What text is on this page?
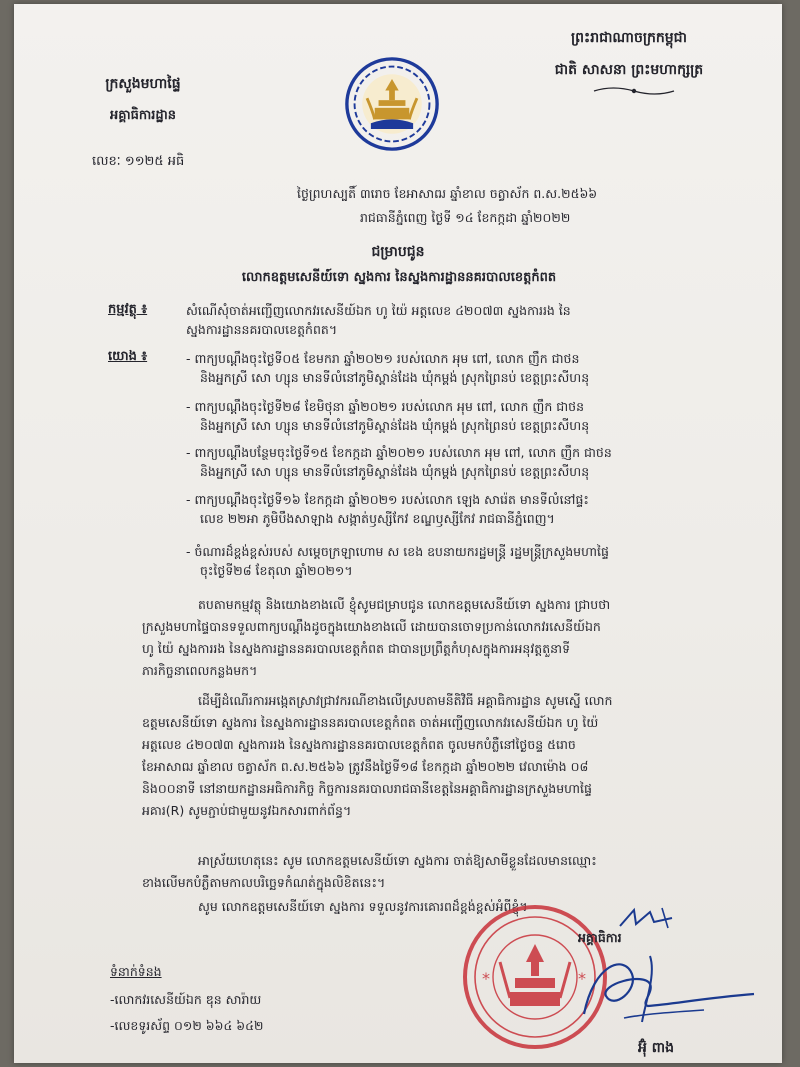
ព្រះរាជាណាចក្រកម្ពុជា
ជាតិ សាសនា ព្រះមហាក្សត្រ
ក្រសួងមហាផ្ទៃ
អគ្គាធិការដ្ឋាន
លេខៈ ១១២៥ អធិ
ថ្ងៃព្រហស្បតិ៍ ៣រោច ខែអាសាឍ ឆ្នាំខាល ចត្វាស័ក ព.ស.២៥៦៦
រាជធានីភ្នំពេញ ថ្ងៃទី ១៤ ខែកក្កដា ឆ្នាំ២០២២
ជម្រាបជូន
លោកឧត្តមសេនីយ៍ទោ ស្នងការ នៃស្នងការដ្ឋាននគរបាលខេត្តកំពត
កម្មវត្ថុ ៖	សំណើសុំចាត់អញ្ជើញលោកវរសេនីយ៍ឯក ហូ យ៉ៃ អត្តលេខ ៤២០៧៣ ស្នងការរង នៃ
ស្នងការដ្ឋាននគរបាលខេត្តកំពត។
យោង ៖	- ពាក្យបណ្តឹងចុះថ្ងៃទី០៥ ខែមករា ឆ្នាំ២០២១ របស់លោក អុម ពៅ, លោក ញឹក ជាថន
និងអ្នកស្រី សោ ហ្សុន មានទីលំនៅភូមិស្ពាន់ដែង ឃុំកម្ពង់ ស្រុកព្រៃនប់ ខេត្តព្រះសីហនុ
- ពាក្យបណ្តឹងចុះថ្ងៃទី២៨ ខែមិថុនា ឆ្នាំ២០២១ របស់លោក អុម ពៅ, លោក ញឹក ជាថន
និងអ្នកស្រី សោ ហ្សុន មានទីលំនៅភូមិស្ពាន់ដែង ឃុំកម្ពង់ ស្រុកព្រៃនប់ ខេត្តព្រះសីហនុ
- ពាក្យបណ្តឹងបន្ថែមចុះថ្ងៃទី១៥ ខែកក្កដា ឆ្នាំ២០២១ របស់លោក អុម ពៅ, លោក ញឹក ជាថន
និងអ្នកស្រី សោ ហ្សុន មានទីលំនៅភូមិស្ពាន់ដែង ឃុំកម្ពង់ ស្រុកព្រៃនប់ ខេត្តព្រះសីហនុ
- ពាក្យបណ្តឹងចុះថ្ងៃទី១៦ ខែកក្កដា ឆ្នាំ២០២១ របស់លោក ឡេង សារ៉េត មានទីលំនៅផ្ទះ
លេខ ២២អា ភូមិបឹងសាឡាង សង្កាត់ឫស្សីកែវ ខណ្ឌឫស្សីកែវ រាជធានីភ្នំពេញ។
- ចំណារដ៏ខ្ពង់ខ្ពស់របស់ សម្តេចក្រឡាហោម ស ខេង ឧបនាយករដ្ឋមន្ត្រី រដ្ឋមន្ត្រីក្រសួងមហាផ្ទៃ
ចុះថ្ងៃទី២៨ ខែតុលា ឆ្នាំ២០២១។

តបតាមកម្មវត្ថុ និងយោងខាងលើ ខ្ញុំសូមជម្រាបជូន លោកឧត្តមសេនីយ៍ទោ ស្នងការ ជ្រាបថា

ក្រសួងមហាផ្ទៃបានទទួលពាក្យបណ្តឹងដូចក្នុងយោងខាងលើ ដោយបានចោទប្រកាន់លោកវរសេនីយ៍ឯក

ហូ យ៉ៃ ស្នងការរង នៃស្នងការដ្ឋាននគរបាលខេត្តកំពត ជាបានប្រព្រឹត្តកំហុសក្នុងការអនុវត្តតួនាទី

ភារកិច្ចនាពេលកន្លងមក។

ដើម្បីដំណើរការអង្កេតស្រាវជ្រាវករណីខាងលើស្របតាមនីតិវិធី អគ្គាធិការដ្ឋាន សូមស្នើ លោក

ឧត្តមសេនីយ៍ទោ ស្នងការ នៃស្នងការដ្ឋាននគរបាលខេត្តកំពត ចាត់អញ្ជើញលោកវរសេនីយ៍ឯក ហូ យ៉ៃ

អត្តលេខ ៤២០៧៣ ស្នងការរង នៃស្នងការដ្ឋាននគរបាលខេត្តកំពត ចូលមកបំភ្លឺនៅថ្ងៃចន្ទ ៥រោច

ខែអាសាឍ ឆ្នាំខាល ចត្វាស័ក ព.ស.២៥៦៦ ត្រូវនឹងថ្ងៃទី១៨ ខែកក្កដា ឆ្នាំ២០២២ វេលាម៉ោង ០៨

និង០០នាទី នៅនាយកដ្ឋានអធិការកិច្ច កិច្ចការនគរបាលរាជធានីខេត្តនៃអគ្គាធិការដ្ឋានក្រសួងមហាផ្ទៃ

អគារ(R) សូមភ្ជាប់ជាមួយនូវឯកសារពាក់ព័ន្ធ។

អាស្រ័យហេតុនេះ សូម លោកឧត្តមសេនីយ៍ទោ ស្នងការ ចាត់ឱ្យសាមីខ្លួនដែលមានឈ្មោះ

ខាងលើមកបំភ្លឺតាមកាលបរិច្ឆេទកំណត់ក្នុងលិខិតនេះ។

សូម លោកឧត្តមសេនីយ៍ទោ ស្នងការ ទទួលនូវការគោរពដ៏ខ្ពង់ខ្ពស់អំពីខ្ញុំ។

*	*
អគ្គាធិការ
អ៊ុំ ពាង
ទំនាក់ទំនង
-លោកវរសេនីយ៍ឯក ឌុន សារ៉ាយ
-លេខទូរស័ព្ទ ០១២ ៦៦៤ ៦៤២
